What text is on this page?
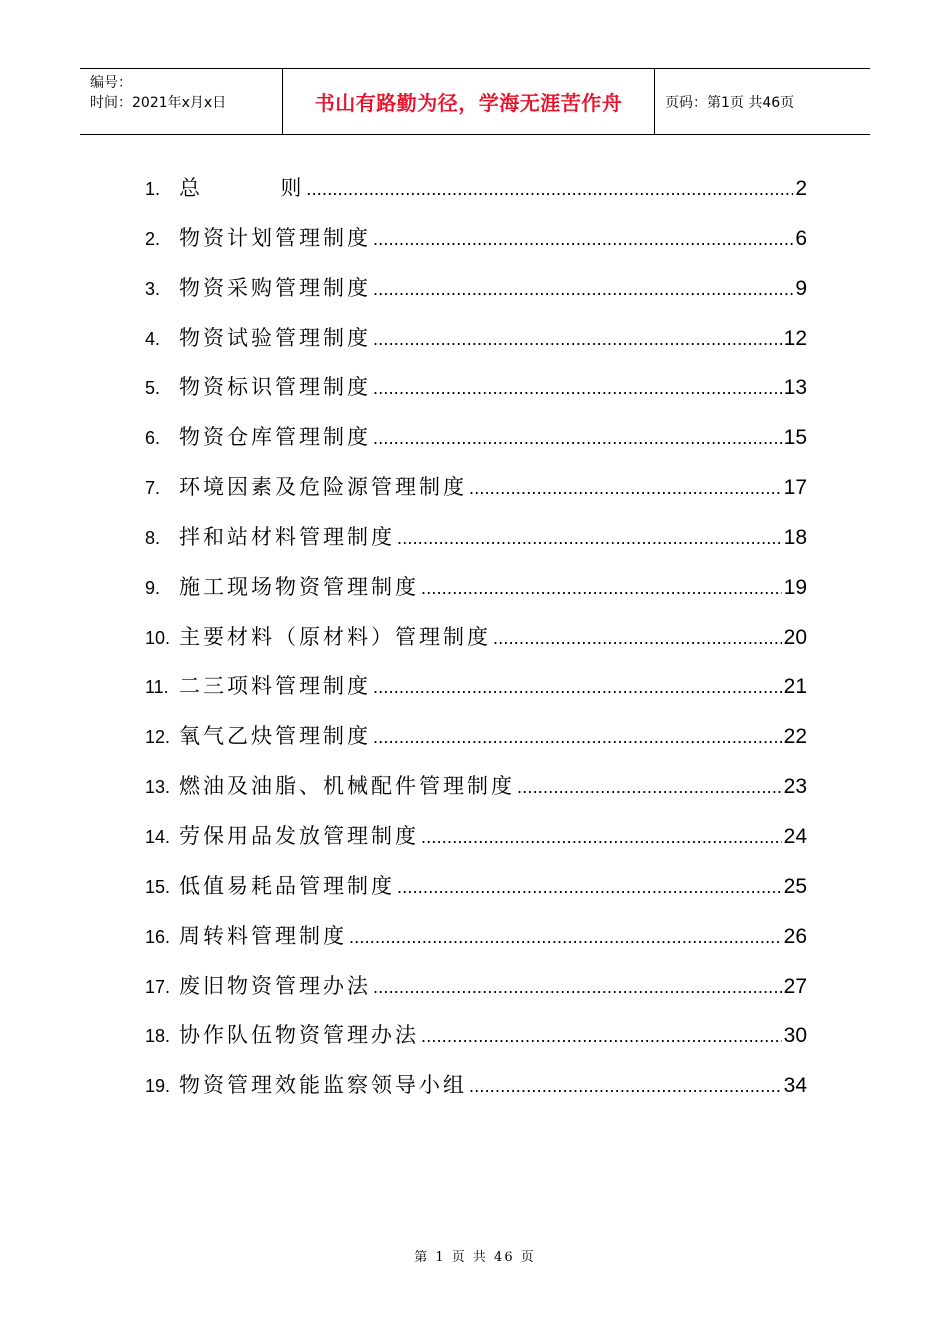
编号：
时间：2021年x月x日	书山有路勤为径，学海无涯苦作舟	页码：第1页 共46页
1. 总        则 .....	2
2. 物资计划管理制度 .....	6
3. 物资采购管理制度 .....	9
4. 物资试验管理制度 .....	12
5. 物资标识管理制度 .....	13
6. 物资仓库管理制度 .....	15
7. 环境因素及危险源管理制度 .....	17
8. 拌和站材料管理制度 .....	18
9. 施工现场物资管理制度 .....	19
10. 主要材料（原材料）管理制度 .....	20
11. 二三项料管理制度 .....	21
12. 氧气乙炔管理制度 .....	22
13. 燃油及油脂、机械配件管理制度 .....	23
14. 劳保用品发放管理制度 .....	24
15. 低值易耗品管理制度 .....	25
16. 周转料管理制度 .....	26
17. 废旧物资管理办法 .....	27
18. 协作队伍物资管理办法 .....	30
19. 物资管理效能监察领导小组 .....	34
第 1 页 共 46 页
